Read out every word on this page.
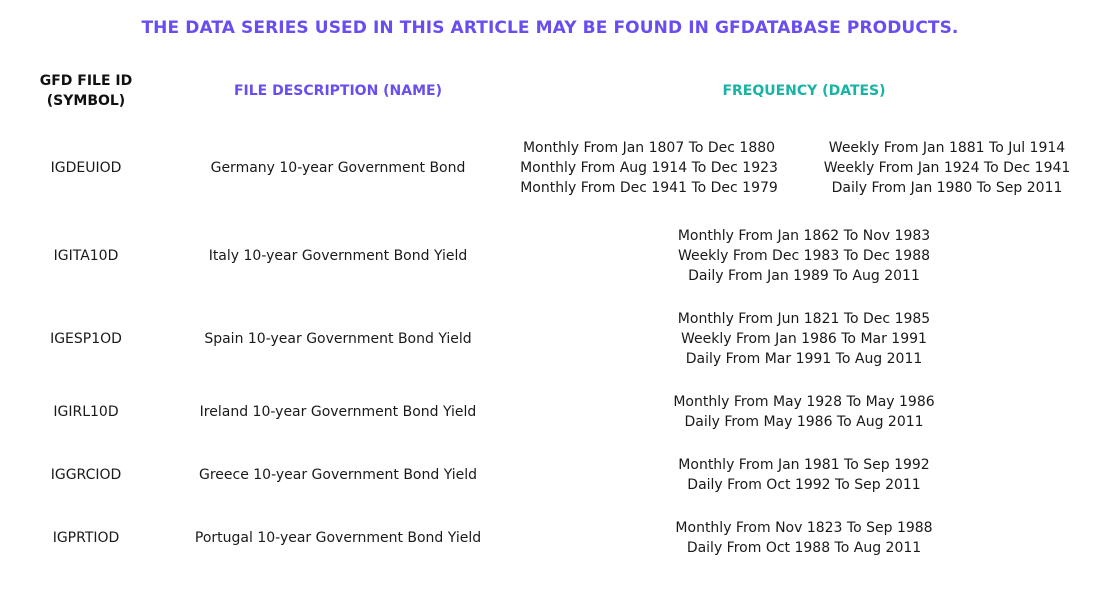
THE DATA SERIES USED IN THIS ARTICLE MAY BE FOUND IN GFDATABASE PRODUCTS.
GFD FILE ID
(SYMBOL)
FILE DESCRIPTION (NAME)	FREQUENCY (DATES)
IGDEUIOD	Germany 10-year Government Bond
Monthly From Jan 1807 To Dec 1880
Monthly From Aug 1914 To Dec 1923
Monthly From Dec 1941 To Dec 1979
Weekly From Jan 1881 To Jul 1914
Weekly From Jan 1924 To Dec 1941
Daily From Jan 1980 To Sep 2011
IGITA10D	Italy 10-year Government Bond Yield
Monthly From Jan 1862 To Nov 1983
Weekly From Dec 1983 To Dec 1988
Daily From Jan 1989 To Aug 2011
IGESP1OD	Spain 10-year Government Bond Yield
Monthly From Jun 1821 To Dec 1985
Weekly From Jan 1986 To Mar 1991
Daily From Mar 1991 To Aug 2011
IGIRL10D	Ireland 10-year Government Bond Yield
Monthly From May 1928 To May 1986
Daily From May 1986 To Aug 2011
IGGRCIOD	Greece 10-year Government Bond Yield
Monthly From Jan 1981 To Sep 1992
Daily From Oct 1992 To Sep 2011
IGPRTIOD	Portugal 10-year Government Bond Yield
Monthly From Nov 1823 To Sep 1988
Daily From Oct 1988 To Aug 2011
